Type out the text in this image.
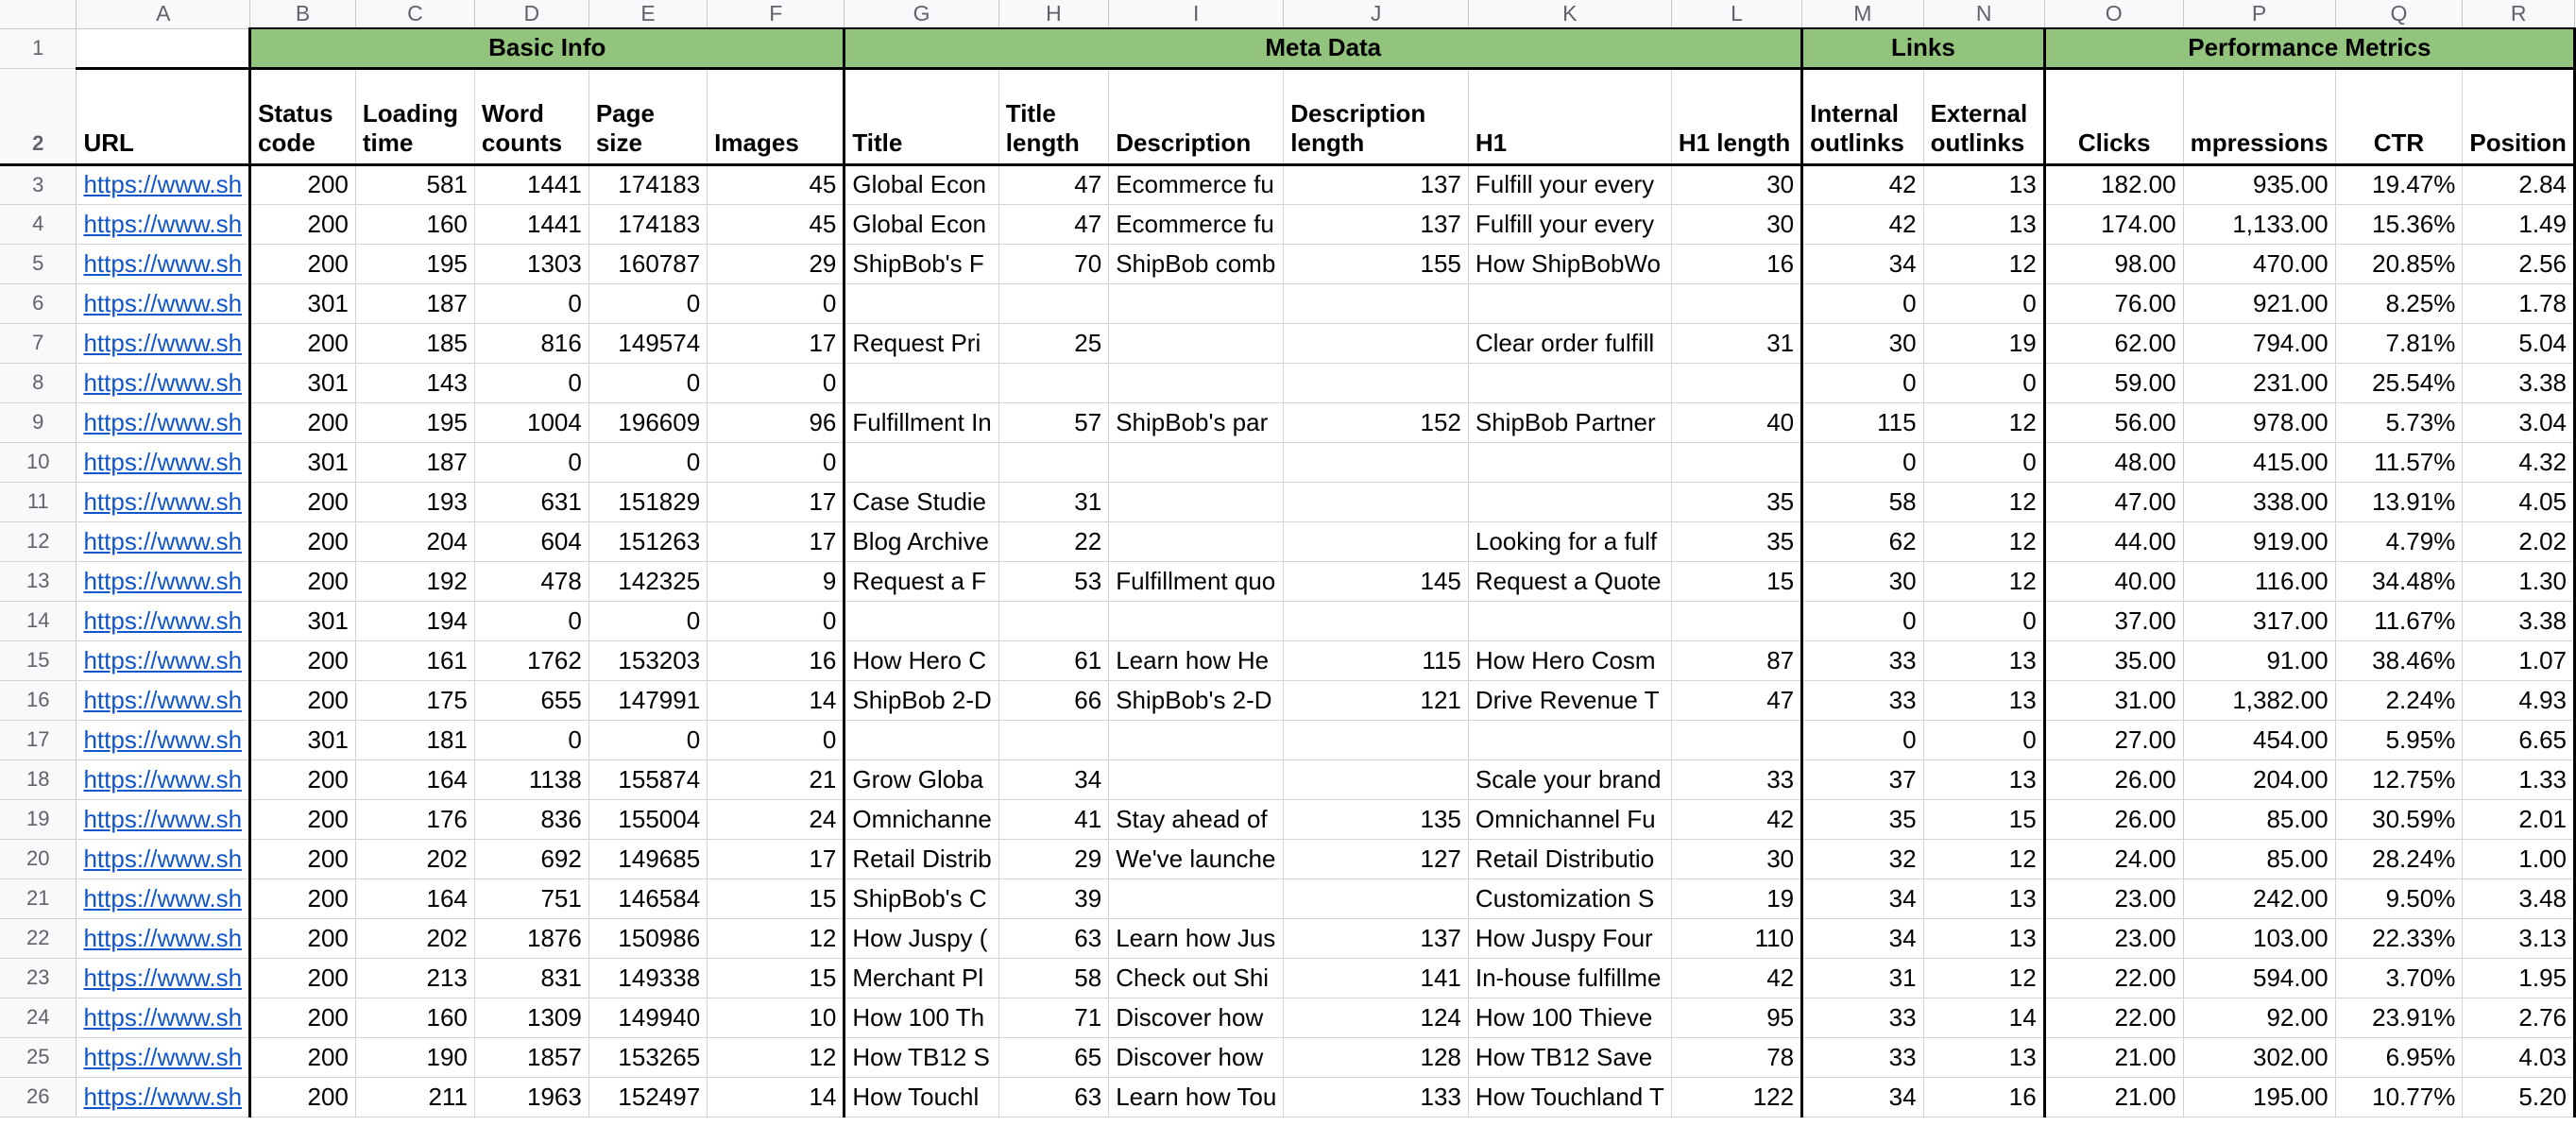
	A	B	C	D	E	F	G	H	I	J	K	L	M	N	O	P	Q	R
1		Basic Info					Meta Data						Links		Performance Metrics			
2	URL	Status code	Loading time	Word counts	Page size	Images	Title	Title length	Description	Description length	H1	H1 length	Internal outlinks	External outlinks	Clicks	mpressions	CTR	Position
3	https://www.sh	200	581	1441	174183	45	Global Econ	47	Ecommerce fu	137	Fulfill your every	30	42	13	182.00	935.00	19.47%	2.84
4	https://www.sh	200	160	1441	174183	45	Global Econ	47	Ecommerce fu	137	Fulfill your every	30	42	13	174.00	1,133.00	15.36%	1.49
5	https://www.sh	200	195	1303	160787	29	ShipBob's F	70	ShipBob comb	155	How ShipBobWo	16	34	12	98.00	470.00	20.85%	2.56
6	https://www.sh	301	187	0	0	0							0	0	76.00	921.00	8.25%	1.78
7	https://www.sh	200	185	816	149574	17	Request Pri	25			Clear order fulfill	31	30	19	62.00	794.00	7.81%	5.04
8	https://www.sh	301	143	0	0	0							0	0	59.00	231.00	25.54%	3.38
9	https://www.sh	200	195	1004	196609	96	Fulfillment In	57	ShipBob's par	152	ShipBob Partner	40	115	12	56.00	978.00	5.73%	3.04
10	https://www.sh	301	187	0	0	0							0	0	48.00	415.00	11.57%	4.32
11	https://www.sh	200	193	631	151829	17	Case Studie	31				35	58	12	47.00	338.00	13.91%	4.05
12	https://www.sh	200	204	604	151263	17	Blog Archive	22			Looking for a fulf	35	62	12	44.00	919.00	4.79%	2.02
13	https://www.sh	200	192	478	142325	9	Request a F	53	Fulfillment quo	145	Request a Quote	15	30	12	40.00	116.00	34.48%	1.30
14	https://www.sh	301	194	0	0	0							0	0	37.00	317.00	11.67%	3.38
15	https://www.sh	200	161	1762	153203	16	How Hero C	61	Learn how He	115	How Hero Cosm	87	33	13	35.00	91.00	38.46%	1.07
16	https://www.sh	200	175	655	147991	14	ShipBob 2-D	66	ShipBob's 2-D	121	Drive Revenue T	47	33	13	31.00	1,382.00	2.24%	4.93
17	https://www.sh	301	181	0	0	0							0	0	27.00	454.00	5.95%	6.65
18	https://www.sh	200	164	1138	155874	21	Grow Globa	34			Scale your brand	33	37	13	26.00	204.00	12.75%	1.33
19	https://www.sh	200	176	836	155004	24	Omnichanne	41	Stay ahead of	135	Omnichannel Fu	42	35	15	26.00	85.00	30.59%	2.01
20	https://www.sh	200	202	692	149685	17	Retail Distrib	29	We've launche	127	Retail Distributio	30	32	12	24.00	85.00	28.24%	1.00
21	https://www.sh	200	164	751	146584	15	ShipBob's C	39			Customization S	19	34	13	23.00	242.00	9.50%	3.48
22	https://www.sh	200	202	1876	150986	12	How Juspy (	63	Learn how Jus	137	How Juspy Four	110	34	13	23.00	103.00	22.33%	3.13
23	https://www.sh	200	213	831	149338	15	Merchant Pl	58	Check out Shi	141	In-house fulfillme	42	31	12	22.00	594.00	3.70%	1.95
24	https://www.sh	200	160	1309	149940	10	How 100 Th	71	Discover how	124	How 100 Thieve	95	33	14	22.00	92.00	23.91%	2.76
25	https://www.sh	200	190	1857	153265	12	How TB12 S	65	Discover how	128	How TB12 Save	78	33	13	21.00	302.00	6.95%	4.03
26	https://www.sh	200	211	1963	152497	14	How Touchl	63	Learn how Tou	133	How Touchland T	122	34	16	21.00	195.00	10.77%	5.20
